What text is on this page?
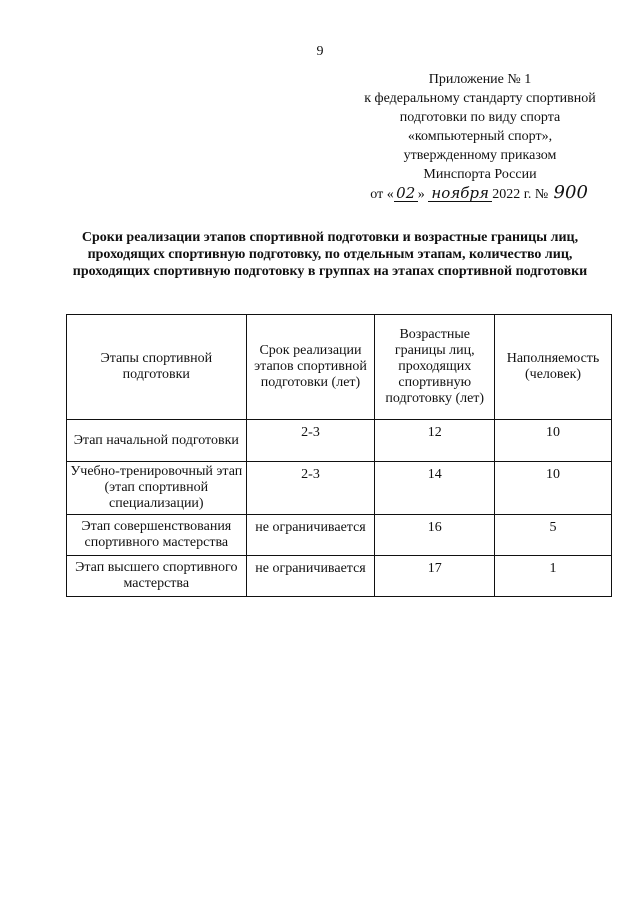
9
Приложение № 1
к федеральному стандарту спортивной
подготовки по виду спорта
«компьютерный спорт»,
утвержденному приказом
Минспорта России
от « 02 » ноября 2022 г. № 900
Сроки реализации этапов спортивной подготовки и возрастные границы лиц, проходящих спортивную подготовку, по отдельным этапам, количество лиц, проходящих спортивную подготовку в группах на этапах спортивной подготовки
Этапы спортивной подготовки	Срок реализации этапов спортивной подготовки (лет)	Возрастные границы лиц, проходящих спортивную подготовку (лет)	Наполняемость (человек)
Этап начальной подготовки	2-3	12	10
Учебно-тренировочный этап (этап спортивной специализации)	2-3	14	10
Этап совершенствования спортивного мастерства	не ограничивается	16	5
Этап высшего спортивного мастерства	не ограничивается	17	1
